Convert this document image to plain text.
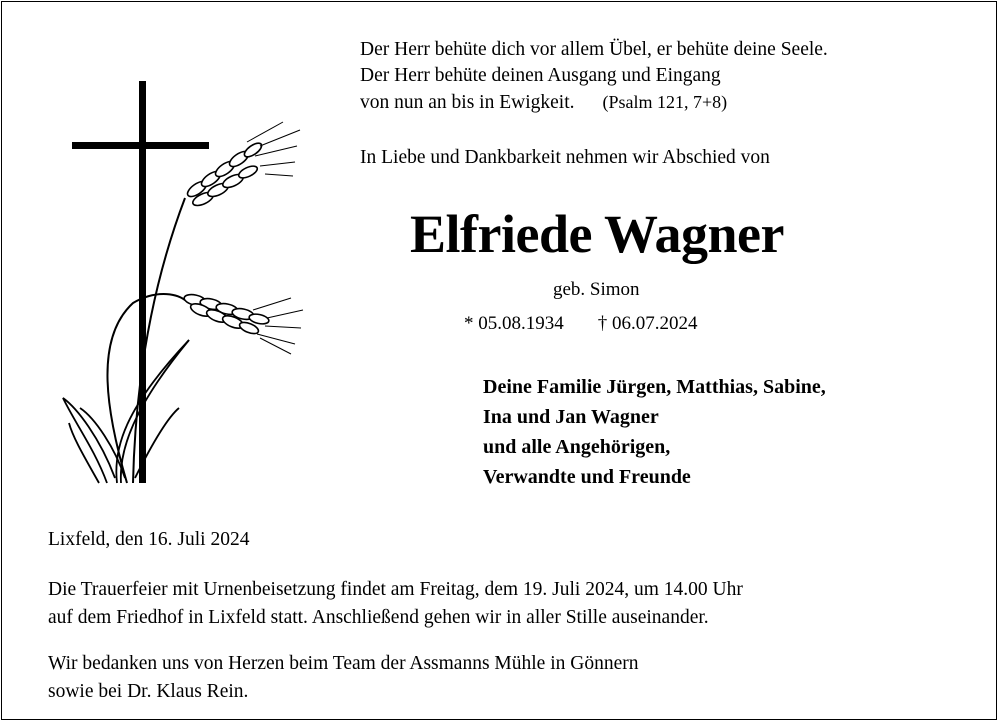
Der Herr behüte dich vor allem Übel, er behüte deine Seele.
Der Herr behüte deinen Ausgang und Eingang
von nun an bis in Ewigkeit. (Psalm 121, 7+8)
In Liebe und Dankbarkeit nehmen wir Abschied von
Elfriede Wagner
geb. Simon
* 05.08.1934 † 06.07.2024
Deine Familie Jürgen, Matthias, Sabine,
Ina und Jan Wagner
und alle Angehörigen,
Verwandte und Freunde
Lixfeld, den 16. Juli 2024
Die Trauerfeier mit Urnenbeisetzung findet am Freitag, dem 19. Juli 2024, um 14.00 Uhr
auf dem Friedhof in Lixfeld statt. Anschließend gehen wir in aller Stille auseinander.
Wir bedanken uns von Herzen beim Team der Assmanns Mühle in Gönnern
sowie bei Dr. Klaus Rein.
